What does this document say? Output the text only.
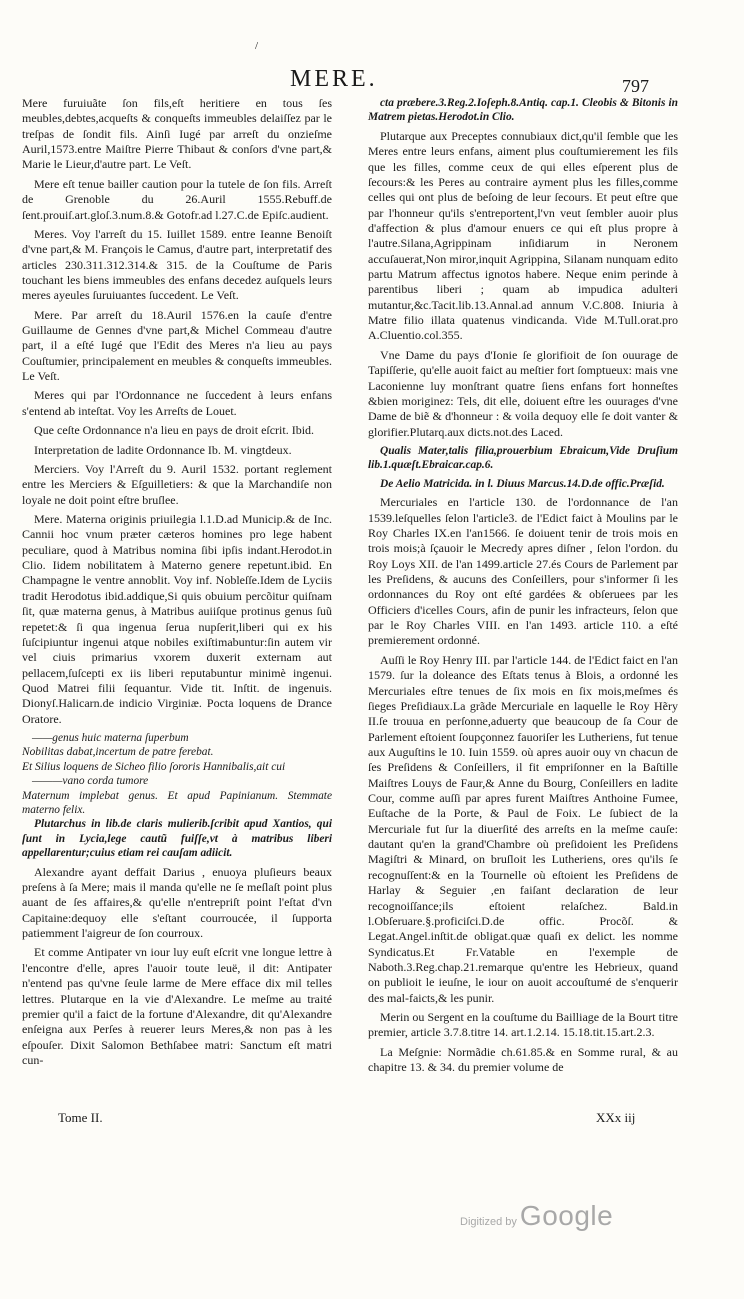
/
MERE.	797

Mere furuiuãte ſon fils,eſt heritiere en tous ſes meubles,debtes,acqueſts & conqueſts immeubles delaiſſez par le treſpas de ſondit fils. Ainſi Iugé par arreſt du onzieſme Auril,1573.entre Maiſtre Pierre Thibaut & conſors d'vne part,& Marie le Lieur,d'autre part. Le Veſt.

Mere eſt tenue bailler caution pour la tutele de ſon fils. Arreſt de Grenoble du 26.Auril 1555.Rebuff.de ſent.prouiſ.art.gloſ.3.num.8.& Gotofr.ad l.27.C.de Epiſc.audient.

Meres. Voy l'arreſt du 15. Iuillet 1589. entre Ieanne Benoiſt d'vne part,& M. François le Camus, d'autre part, interpretatif des articles 230.311.312.314.& 315. de la Couſtume de Paris touchant les biens immeubles des enfans decedez auſquels leurs meres ayeules ſuruiuantes ſuccedent. Le Veſt.

Mere. Par arreſt du 18.Auril 1576.en la cauſe d'entre Guillaume de Gennes d'vne part,& Michel Commeau d'autre part, il a eſté Iugé que l'Edit des Meres n'a lieu au pays Couſtumier, principalement en meubles & conqueſts immeubles. Le Veſt.

Meres qui par l'Ordonnance ne ſuccedent à leurs enfans s'entend ab inteſtat. Voy les Arreſts de Louet.

Que ceſte Ordonnance n'a lieu en pays de droit eſcrit. Ibid.

Interpretation de ladite Ordonnance Ib. M. vingtdeux.

Merciers. Voy l'Arreſt du 9. Auril 1532. portant reglement entre les Merciers & Eſguilletiers: & que la Marchandiſe non loyale ne doit point eſtre bruſlee.

Mere. Materna originis priuilegia l.1.D.ad Municip.& de Inc. Cannii hoc vnum præter cæteros homines pro lege habent peculiare, quod à Matribus nomina ſibi ipſis indant.Herodot.in Clio. Iidem nobilitatem à Materno genere repetunt.ibid. En Champagne le ventre annoblit. Voy inf. Nobleſſe.Idem de Lyciis tradit Herodotus ibid.addique,Si quis obuium percõitur quiſnam ſit, quæ materna genus, à Matribus auiiſque protinus genus ſuũ repetet:& ſi qua ingenua ſerua nupſerit,liberi qui ex his ſuſcipiuntur ingenui atque nobiles exiſtimabuntur:ſin autem vir vel ciuis primarius vxorem duxerit externam aut pellacem,ſuſcepti ex iis liberi reputabuntur minimè ingenui. Quod Matrei filii ſequantur. Vide tit. Inſtit. de ingenuis. Dionyſ.Halicarn.de indicio Virginiæ. Pocta loquens de Drance Oratore.

——genus huic materna ſuperbum

Nobilitas dabat,incertum de patre ferebat.

Et Silius loquens de Sicheo filio ſororis Hannibalis,ait cui

———vano corda tumore

Maternum implebat genus. Et apud Papinianum. Stemmate materno felix.

Plutarchus in lib.de claris mulierib.ſcribit apud Xantios, qui ſunt in Lycia,lege cautũ fuiſſe,vt à matribus liberi appellarentur;cuius etiam rei cauſam adiicit.

Alexandre ayant deffait Darius , enuoya pluſieurs beaux preſens à ſa Mere; mais il manda qu'elle ne ſe meſlaſt point plus auant de ſes affaires,& qu'elle n'entrepriſt point l'eſtat d'vn Capitaine:dequoy elle s'eſtant courroucée, il ſupporta patiemment l'aigreur de ſon courroux.

Et comme Antipater vn iour luy euſt eſcrit vne longue lettre à l'encontre d'elle, apres l'auoir toute leuë, il dit: Antipater n'entend pas qu'vne ſeule larme de Mere efface dix mil telles lettres. Plutarque en la vie d'Alexandre. Le meſme au traité premier qu'il a faict de la fortune d'Alexandre, dit qu'Alexandre enſeigna aux Perſes à reuerer leurs Meres,& non pas à les eſpouſer. Dixit Salomon Bethſabee matri: Sanctum eſt matri cun-

cta præbere.3.Reg.2.Ioſeph.8.Antiq. cap.1. Cleobis & Bitonis in Matrem pietas.Herodot.in Clio.

Plutarque aux Preceptes connubiaux dict,qu'il ſemble que les Meres entre leurs enfans, aiment plus couſtumierement les fils que les filles, comme ceux de qui elles eſperent plus de ſecours:& les Peres au contraire ayment plus les filles,comme celles qui ont plus de beſoing de leur ſecours. Et peut eſtre que par l'honneur qu'ils s'entreportent,l'vn veut ſembler auoir plus d'affection & plus d'amour enuers ce qui eſt plus propre à l'autre.Silana,Agrippinam inſidiarum in Neronem accuſauerat,Non miror,inquit Agrippina, Silanam nunquam edito partu Matrum affectus ignotos habere. Neque enim perinde à parentibus liberi ; quam ab impudica adulteri mutantur,&c.Tacit.lib.13.Annal.ad annum V.C.808. Iniuria à Matre filio illata quatenus vindicanda. Vide M.Tull.orat.pro A.Cluentio.col.355.

Vne Dame du pays d'Ionie ſe glorifioit de ſon ouurage de Tapiſſerie, qu'elle auoit faict au meſtier fort ſomptueux: mais vne Laconienne luy monſtrant quatre ſiens enfans fort honneſtes &bien moriginez: Tels, dit elle, doiuent eſtre les ouurages d'vne Dame de biẽ & d'honneur : & voila dequoy elle ſe doit vanter & glorifier.Plutarq.aux dicts.not.des Laced.

Qualis Mater,talis filia,prouerbium Ebraicum,Vide Druſium lib.1.quæſt.Ebraicar.cap.6.

De Aelio Matricida. in l. Diuus Marcus.14.D.de offic.Præſid.

Mercuriales en l'article 130. de l'ordonnance de l'an 1539.leſquelles ſelon l'article3. de l'Edict faict à Moulins par le Roy Charles IX.en l'an1566. ſe doiuent tenir de trois mois en trois mois;à ſçauoir le Mecredy apres diſner , ſelon l'ordon. du Roy Loys XII. de l'an 1499.article 27.és Cours de Parlement par les Preſidens, & aucuns des Conſeillers, pour s'informer ſi les ordonnances du Roy ont eſté gardées & obſeruees par les Officiers d'icelles Cours, afin de punir les infracteurs, ſelon que par le Roy Charles VIII. en l'an 1493. article 110. a eſté premierement ordonné.

Auſſi le Roy Henry III. par l'article 144. de l'Edict faict en l'an 1579. ſur la doleance des Eſtats tenus à Blois, a ordonné les Mercuriales eſtre tenues de ſix mois en ſix mois,meſmes és ſieges Preſidiaux.La grãde Mercuriale en laquelle le Roy Hẽry II.ſe trouua en perſonne,aduerty que beaucoup de ſa Cour de Parlement eſtoient ſoupçonnez fauoriſer les Lutheriens, fut tenue aux Auguſtins le 10. Iuin 1559. où apres auoir ouy vn chacun de ſes Preſidens & Conſeillers, il fit empriſonner en la Baſtille Maiſtres Louys de Faur,& Anne du Bourg, Conſeillers en ladite Cour, comme auſſi par apres furent Maiſtres Anthoine Fumee, Euſtache de la Porte, & Paul de Foix. Le ſubiect de la Mercuriale fut ſur la diuerſité des arreſts en la meſme cauſe: dautant qu'en la grand'Chambre où preſidoient les Preſidens Magiſtri & Minard, on bruſloit les Lutheriens, ores qu'ils ſe recognuſſent:& en la Tournelle où eſtoient les Preſidens de Harlay & Seguier ,en faiſant declaration de leur recognoiſſance;ils eſtoient relaſchez. Bald.in l.Obſeruare.§.proficiſci.D.de offic. Procõſ. & Legat.Angel.inſtit.de obligat.quæ quaſi ex delict. les nomme Syndicatus.Et Fr.Vatable en l'exemple de Naboth.3.Reg.chap.21.remarque qu'entre les Hebrieux, quand on publioit le ieuſne, le iour on auoit accouſtumé de s'enquerir des mal-faicts,& les punir.

Merin ou Sergent en la couſtume du Bailliage de la Bourt titre premier, article 3.7.8.titre 14. art.1.2.14. 15.18.tit.15.art.2.3.

La Meſgnie: Normãdie ch.61.85.& en Somme rural, & au chapitre 13. & 34. du premier volume de

Tome II.	XXx iij
Digitized by Google
